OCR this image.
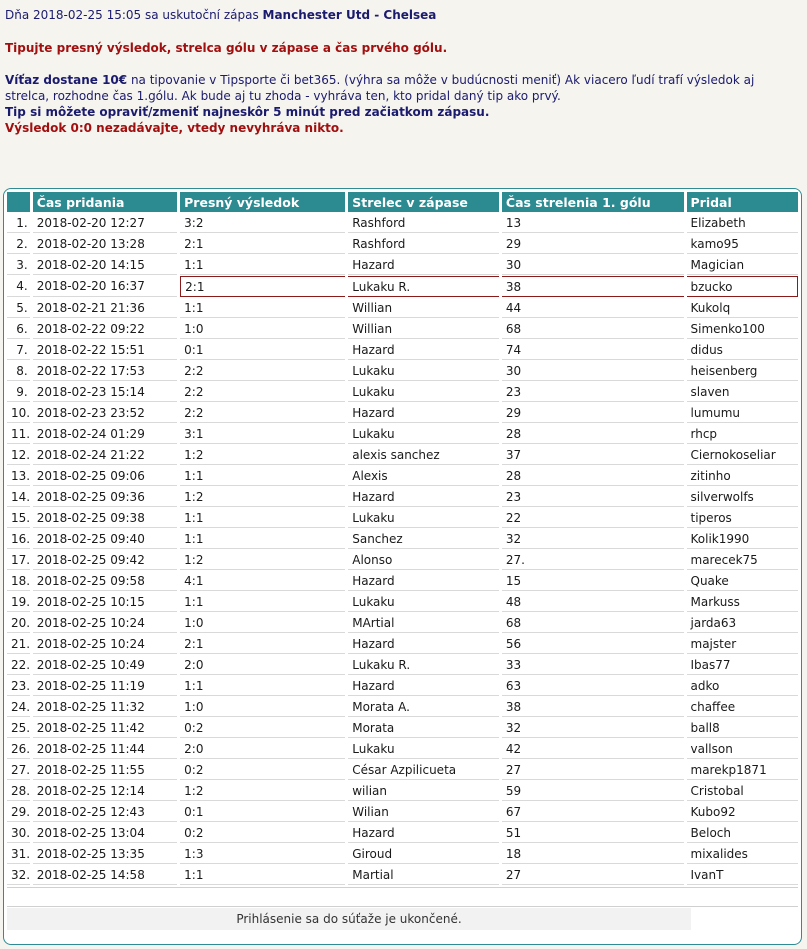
Dňa 2018-02-25 15:05 sa uskutoční zápas Manchester Utd - Chelsea

Tipujte presný výsledok, strelca gólu v zápase a čas prvého gólu.

Víťaz dostane 10€ na tipovanie v Tipsporte či bet365. (výhra sa môže v budúcnosti meniť) Ak viacero ľudí trafí výsledok aj strelca, rozhodne čas 1.gólu. Ak bude aj tu zhoda - vyhráva ten, kto pridal daný tip ako prvý.

Tip si môžete opraviť/zmeniť najneskôr 5 minút pred začiatkom zápasu.

Výsledok 0:0 nezadávajte, vtedy nevyhráva nikto.

	Čas pridania	Presný výsledok	Strelec v zápase	Čas strelenia 1. gólu	Pridal
1.	2018-02-20 12:27	3:2	Rashford	13	Elizabeth
2.	2018-02-20 13:28	2:1	Rashford	29	kamo95
3.	2018-02-20 14:15	1:1	Hazard	30	Magician
4.	2018-02-20 16:37	2:1	Lukaku R.	38	bzucko
5.	2018-02-21 21:36	1:1	Willian	44	Kukolq
6.	2018-02-22 09:22	1:0	Willian	68	Simenko100
7.	2018-02-22 15:51	0:1	Hazard	74	didus
8.	2018-02-22 17:53	2:2	Lukaku	30	heisenberg
9.	2018-02-23 15:14	2:2	Lukaku	23	slaven
10.	2018-02-23 23:52	2:2	Hazard	29	lumumu
11.	2018-02-24 01:29	3:1	Lukaku	28	rhcp
12.	2018-02-24 21:22	1:2	alexis sanchez	37	Ciernokoseliar
13.	2018-02-25 09:06	1:1	Alexis	28	zitinho
14.	2018-02-25 09:36	1:2	Hazard	23	silverwolfs
15.	2018-02-25 09:38	1:1	Lukaku	22	tiperos
16.	2018-02-25 09:40	1:1	Sanchez	32	Kolik1990
17.	2018-02-25 09:42	1:2	Alonso	27.	marecek75
18.	2018-02-25 09:58	4:1	Hazard	15	Quake
19.	2018-02-25 10:15	1:1	Lukaku	48	Markuss
20.	2018-02-25 10:24	1:0	MArtial	68	jarda63
21.	2018-02-25 10:24	2:1	Hazard	56	majster
22.	2018-02-25 10:49	2:0	Lukaku R.	33	Ibas77
23.	2018-02-25 11:19	1:1	Hazard	63	adko
24.	2018-02-25 11:32	1:0	Morata A.	38	chaffee
25.	2018-02-25 11:42	0:2	Morata	32	ball8
26.	2018-02-25 11:44	2:0	Lukaku	42	vallson
27.	2018-02-25 11:55	0:2	César Azpilicueta	27	marekp1871
28.	2018-02-25 12:14	1:2	wilian	59	Cristobal
29.	2018-02-25 12:43	0:1	Wilian	67	Kubo92
30.	2018-02-25 13:04	0:2	Hazard	51	Beloch
31.	2018-02-25 13:35	1:3	Giroud	18	mixalides
32.	2018-02-25 14:58	1:1	Martial	27	IvanT
Prihlásenie sa do súťaže je ukončené.
